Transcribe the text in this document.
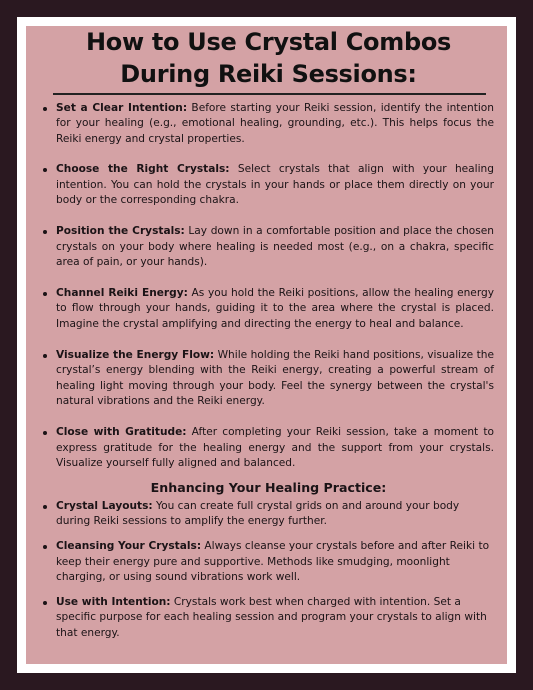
How to Use Crystal Combos During Reiki Sessions:
Set a Clear Intention: Before starting your Reiki session, identify the intention for your healing (e.g., emotional healing, grounding, etc.). This helps focus the Reiki energy and crystal properties.
Choose the Right Crystals: Select crystals that align with your healing intention. You can hold the crystals in your hands or place them directly on your body or the corresponding chakra.
Position the Crystals: Lay down in a comfortable position and place the chosen crystals on your body where healing is needed most (e.g., on a chakra, specific area of pain, or your hands).
Channel Reiki Energy: As you hold the Reiki positions, allow the healing energy to flow through your hands, guiding it to the area where the crystal is placed. Imagine the crystal amplifying and directing the energy to heal and balance.
Visualize the Energy Flow: While holding the Reiki hand positions, visualize the crystal’s energy blending with the Reiki energy, creating a powerful stream of healing light moving through your body. Feel the synergy between the crystal's natural vibrations and the Reiki energy.
Close with Gratitude: After completing your Reiki session, take a moment to express gratitude for the healing energy and the support from your crystals. Visualize yourself fully aligned and balanced.
Enhancing Your Healing Practice:
Crystal Layouts: You can create full crystal grids on and around your body during Reiki sessions to amplify the energy further.
Cleansing Your Crystals: Always cleanse your crystals before and after Reiki to keep their energy pure and supportive. Methods like smudging, moonlight charging, or using sound vibrations work well.
Use with Intention: Crystals work best when charged with intention. Set a specific purpose for each healing session and program your crystals to align with that energy.
